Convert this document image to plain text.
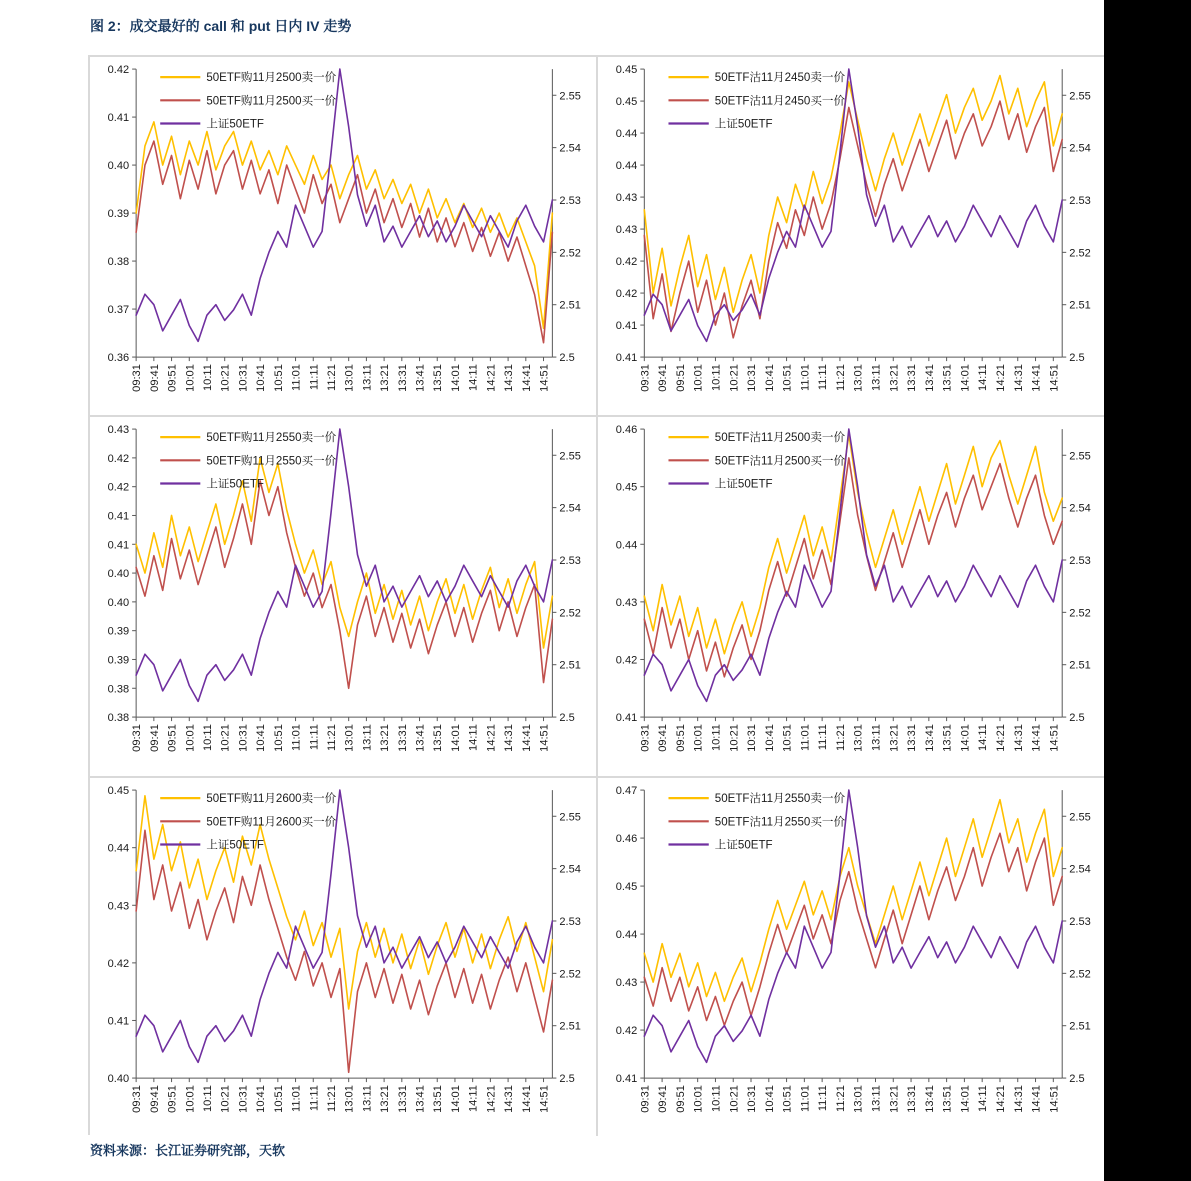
图 2：成交最好的 call 和 put 日内 IV 走势
0.42
0.41
0.40
0.39
0.38
0.37
0.36
2.55
2.54
2.53
2.52
2.51
2.5
09:31 09:41 09:51 10:01 10:11 10:21 10:31 10:41 10:51 11:01 11:11 11:21 13:01 13:11 13:21 13:31 13:41 13:51 14:01 14:11 14:21 14:31 14:41 14:51
50ETF购11月2500卖一价
50ETF购11月2500买一价
上证50ETF
0.45
0.45
0.44
0.44
0.43
0.43
0.42
0.42
0.41
0.41
2.55
2.54
2.53
2.52
2.51
2.5
09:31 09:41 09:51 10:01 10:11 10:21 10:31 10:41 10:51 11:01 11:11 11:21 13:01 13:11 13:21 13:31 13:41 13:51 14:01 14:11 14:21 14:31 14:41 14:51
50ETF沽11月2450卖一价
50ETF沽11月2450买一价
上证50ETF
0.43
0.42
0.42
0.41
0.41
0.40
0.40
0.39
0.39
0.38
0.38
2.55
2.54
2.53
2.52
2.51
2.5
09:31 09:41 09:51 10:01 10:11 10:21 10:31 10:41 10:51 11:01 11:11 11:21 13:01 13:11 13:21 13:31 13:41 13:51 14:01 14:11 14:21 14:31 14:41 14:51
50ETF购11月2550卖一价
50ETF购11月2550买一价
上证50ETF
0.46
0.45
0.44
0.43
0.42
0.41
2.55
2.54
2.53
2.52
2.51
2.5
09:31 09:41 09:51 10:01 10:11 10:21 10:31 10:41 10:51 11:01 11:11 11:21 13:01 13:11 13:21 13:31 13:41 13:51 14:01 14:11 14:21 14:31 14:41 14:51
50ETF沽11月2500卖一价
50ETF沽11月2500买一价
上证50ETF
0.45
0.44
0.43
0.42
0.41
0.40
2.55
2.54
2.53
2.52
2.51
2.5
09:31 09:41 09:51 10:01 10:11 10:21 10:31 10:41 10:51 11:01 11:11 11:21 13:01 13:11 13:21 13:31 13:41 13:51 14:01 14:11 14:21 14:31 14:41 14:51
50ETF购11月2600卖一价
50ETF购11月2600买一价
上证50ETF
0.47
0.46
0.45
0.44
0.43
0.42
0.41
2.55
2.54
2.53
2.52
2.51
2.5
09:31 09:41 09:51 10:01 10:11 10:21 10:31 10:41 10:51 11:01 11:11 11:21 13:01 13:11 13:21 13:31 13:41 13:51 14:01 14:11 14:21 14:31 14:41 14:51
50ETF沽11月2550卖一价
50ETF沽11月2550买一价
上证50ETF
资料来源：长江证券研究部，天软
